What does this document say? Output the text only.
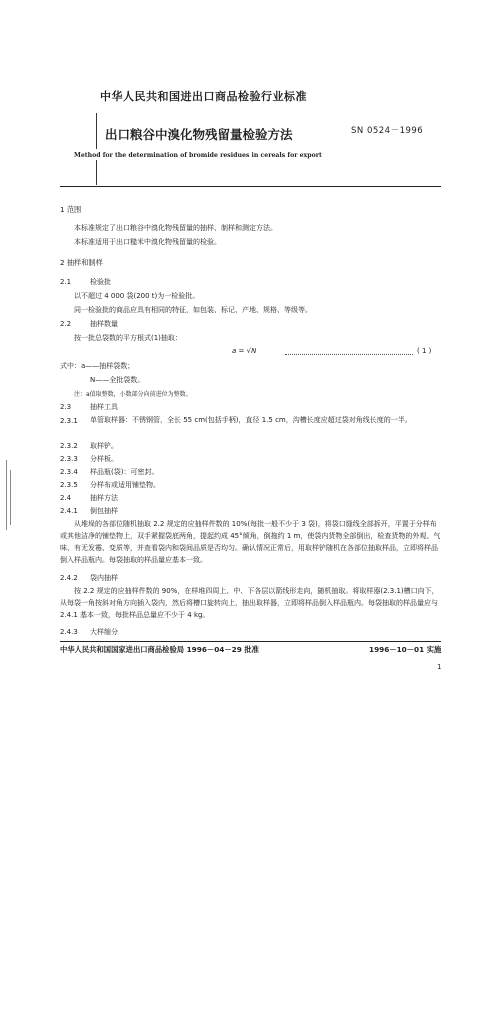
中华人民共和国进出口商品检验行业标准
出口粮谷中溴化物残留量检验方法	SN 0524－1996
Method for the determination of bromide residues in cereals for export
1 范围
本标准规定了出口粮谷中溴化物残留量的抽样、制样和测定方法。
本标准适用于出口糙米中溴化物残留量的检验。
2 抽样和制样
2.1	检验批
以不超过 4 000 袋(200 t)为一检验批。
同一检验批的商品应具有相同的特征，如包装、标记、产地、规格、等级等。
2.2	抽样数量
按一批总袋数的平方根式(1)抽取：
a = √N	( 1 )
式中：a——抽样袋数；
N——全批袋数。
注：a值取整数，小数部分向前进位为整数。
2.3	抽样工具
2.3.1 单管取样器：不锈钢管，全长 55 cm(包括手柄)，直径 1.5 cm，沟槽长度应超过袋对角线长度的一半。
2.3.2 取样铲。
2.3.3 分样板。
2.3.4 样品瓶(袋)：可密封。
2.3.5 分样布或适用铺垫物。
2.4	抽样方法
2.4.1 倒包抽样
从堆垛的各部位随机抽取 2.2 规定的应抽样件数的 10%(每批一般不少于 3 袋)，将袋口缝线全部拆开，平置于分样布或其他洁净的铺垫物上，双手紧握袋底两角，提起约成 45°倾角，倒拖约 1 m，使袋内货物全部倒出，检查货物的外观、气味、有无发霉、变质等，并查看袋内和袋间品质是否均匀。确认情况正常后，用取样铲随机在各部位抽取样品，立即将样品倒入样品瓶内。每袋抽取的样品量应基本一致。
2.4.2 袋内抽样
按 2.2 规定的应抽样件数的 90%，在样堆四周上、中、下各层以箭线形走向，随机抽取。将取样器(2.3.1)槽口向下，从每袋一角按斜对角方向插入袋内，然后将槽口旋转向上，抽出取样器，立即将样品倒入样品瓶内。每袋抽取的样品量应与 2.4.1 基本一致，每批样品总量应不少于 4 kg。
2.4.3 大样缩分
中华人民共和国国家进出口商品检验局 1996－04－29 批准	1996－10－01 实施
1
